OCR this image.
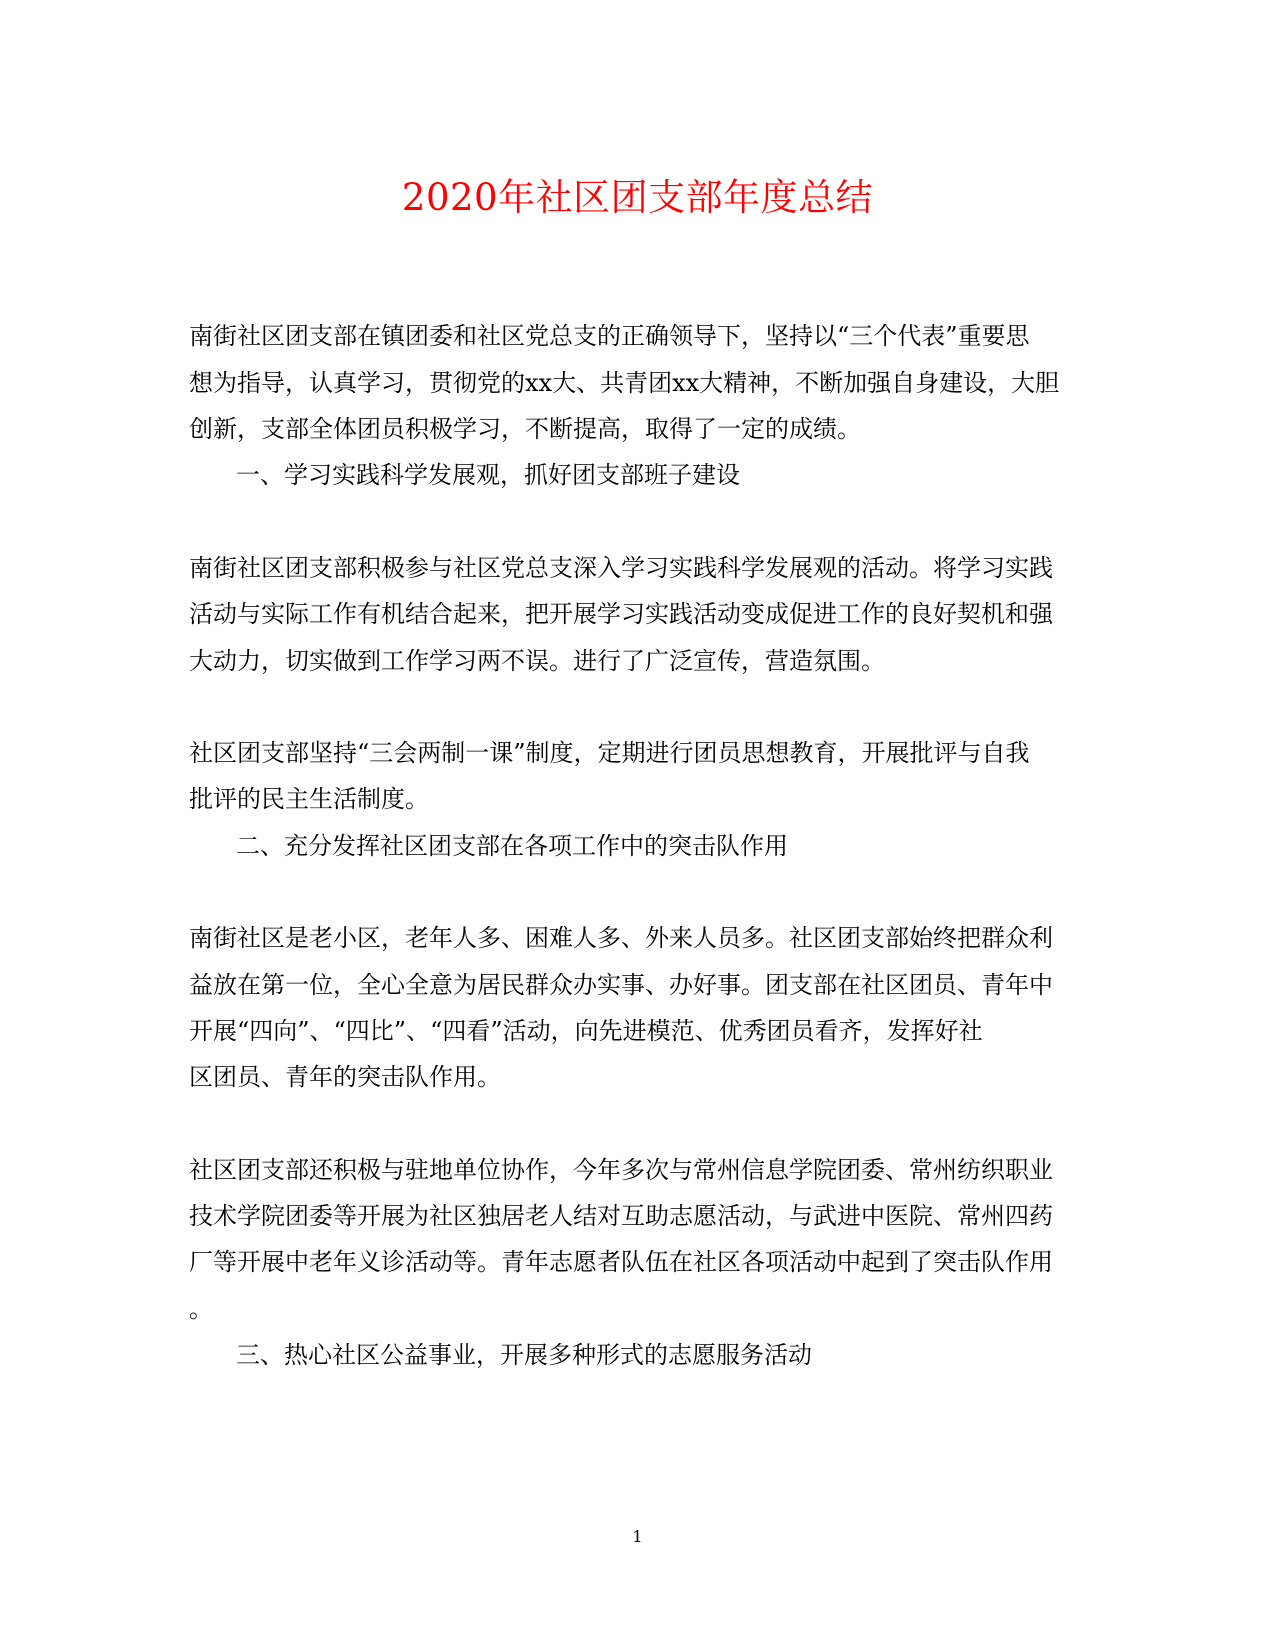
2020年社区团支部年度总结
南街社区团支部在镇团委和社区党总支的正确领导下，坚持以“三个代表”重要思
想为指导，认真学习，贯彻党的xx大、共青团xx大精神，不断加强自身建设，大胆
创新，支部全体团员积极学习，不断提高，取得了一定的成绩。
一、学习实践科学发展观，抓好团支部班子建设
南街社区团支部积极参与社区党总支深入学习实践科学发展观的活动。将学习实践
活动与实际工作有机结合起来，把开展学习实践活动变成促进工作的良好契机和强
大动力，切实做到工作学习两不误。进行了广泛宣传，营造氛围。
社区团支部坚持“三会两制一课”制度，定期进行团员思想教育，开展批评与自我
批评的民主生活制度。
二、充分发挥社区团支部在各项工作中的突击队作用
南街社区是老小区，老年人多、困难人多、外来人员多。社区团支部始终把群众利
益放在第一位，全心全意为居民群众办实事、办好事。团支部在社区团员、青年中
开展“四向”、“四比”、“四看”活动，向先进模范、优秀团员看齐，发挥好社
区团员、青年的突击队作用。
社区团支部还积极与驻地单位协作，今年多次与常州信息学院团委、常州纺织职业
技术学院团委等开展为社区独居老人结对互助志愿活动，与武进中医院、常州四药
厂等开展中老年义诊活动等。青年志愿者队伍在社区各项活动中起到了突击队作用
。
三、热心社区公益事业，开展多种形式的志愿服务活动
1
